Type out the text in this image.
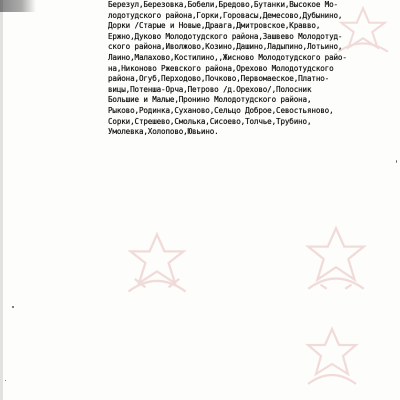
Березул,Березовка,Бобели,Бредово,Бутанки,Высокое Мо-
лодотудского района,Горки,Горовасы,Демесово,Дубынино,
Дорки /Старые и Новые,Драага,Дмитровское,Кравво,
Ержно,Дуково Молодотудского района,Зашвево Молодотуд-
ского района,Иволжово,Козино,Дашино,Ладыпино,Лотьино,
Лаино,Малахово,Костилино,,Жисново Молодотудского райо-
на,Никоново Ржевского района,Орехово Молодотудского
района,Огуб,Перходово,Почково,Первомаеское,Платно-
вицы,Потенша-Орча,Петрово /д.Орехово/,Полосник
Большие и Малые,Пронино Молодотудского района,
Рыково,Родинка,Суханово,Сельцо Доброе,Севостьяново,
Сорки,Стрешево,Смолька,Сисоево,Толчье,Трубино,
Умолевка,Холопово,Ювьино.
